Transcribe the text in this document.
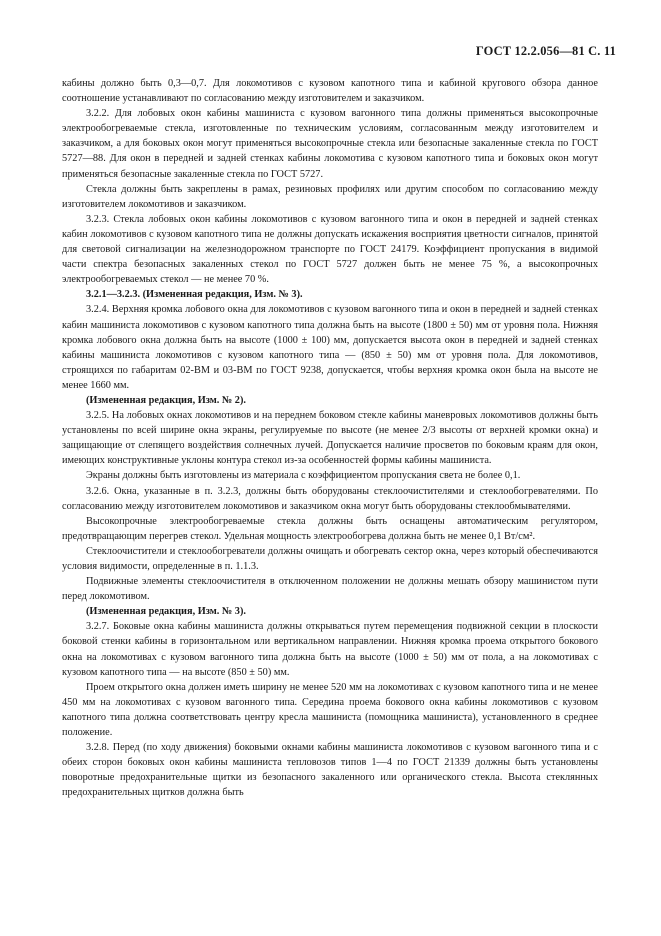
ГОСТ 12.2.056—81 С. 11

кабины должно быть 0,3—0,7. Для локомотивов с кузовом капотного типа и кабиной кругового обзора данное соотношение устанавливают по согласованию между изготовителем и заказчиком.

3.2.2. Для лобовых окон кабины машиниста с кузовом вагонного типа должны применяться высокопрочные электрообогреваемые стекла, изготовленные по техническим условиям, согласованным между изготовителем и заказчиком, а для боковых окон могут применяться высокопрочные стекла или безопасные закаленные стекла по ГОСТ 5727—88. Для окон в передней и задней стенках кабины локомотива с кузовом капотного типа и боковых окон могут применяться безопасные закаленные стекла по ГОСТ 5727.

Стекла должны быть закреплены в рамах, резиновых профилях или другим способом по согласованию между изготовителем локомотивов и заказчиком.

3.2.3. Стекла лобовых окон кабины локомотивов с кузовом вагонного типа и окон в передней и задней стенках кабин локомотивов с кузовом капотного типа не должны допускать искажения восприятия цветности сигналов, принятой для световой сигнализации на железнодорожном транспорте по ГОСТ 24179. Коэффициент пропускания в видимой части спектра безопасных закаленных стекол по ГОСТ 5727 должен быть не менее 75 %, а высокопрочных электрообогреваемых стекол — не менее 70 %.

3.2.1—3.2.3. (Измененная редакция, Изм. № 3).

3.2.4. Верхняя кромка лобового окна для локомотивов с кузовом вагонного типа и окон в передней и задней стенках кабин машиниста локомотивов с кузовом капотного типа должна быть на высоте (1800 ± 50) мм от уровня пола. Нижняя кромка лобового окна должна быть на высоте (1000 ± 100) мм, допускается высота окон в передней и задней стенках кабины машиниста локомотивов с кузовом капотного типа — (850 ± 50) мм от уровня пола. Для локомотивов, строящихся по габаритам 02-ВМ и 03-ВМ по ГОСТ 9238, допускается, чтобы верхняя кромка окон была на высоте не менее 1660 мм.

(Измененная редакция, Изм. № 2).

3.2.5. На лобовых окнах локомотивов и на переднем боковом стекле кабины маневровых локомотивов должны быть установлены по всей ширине окна экраны, регулируемые по высоте (не менее 2/3 высоты от верхней кромки окна) и защищающие от слепящего воздействия солнечных лучей. Допускается наличие просветов по боковым краям для окон, имеющих конструктивные уклоны контура стекол из-за особенностей формы кабины машиниста.

Экраны должны быть изготовлены из материала с коэффициентом пропускания света не более 0,1.

3.2.6. Окна, указанные в п. 3.2.3, должны быть оборудованы стеклоочистителями и стеклообогревателями. По согласованию между изготовителем локомотивов и заказчиком окна могут быть оборудованы стеклообмывателями.

Высокопрочные электрообогреваемые стекла должны быть оснащены автоматическим регулятором, предотвращающим перегрев стекол. Удельная мощность электрообогрева должна быть не менее 0,1 Вт/см².

Стеклоочистители и стеклообогреватели должны очищать и обогревать сектор окна, через который обеспечиваются условия видимости, определенные в п. 1.1.3.

Подвижные элементы стеклоочистителя в отключенном положении не должны мешать обзору машинистом пути перед локомотивом.

(Измененная редакция, Изм. № 3).

3.2.7. Боковые окна кабины машиниста должны открываться путем перемещения подвижной секции в плоскости боковой стенки кабины в горизонтальном или вертикальном направлении. Нижняя кромка проема открытого бокового окна на локомотивах с кузовом вагонного типа должна быть на высоте (1000 ± 50) мм от пола, а на локомотивах с кузовом капотного типа — на высоте (850 ± 50) мм.

Проем открытого окна должен иметь ширину не менее 520 мм на локомотивах с кузовом капотного типа и не менее 450 мм на локомотивах с кузовом вагонного типа. Середина проема бокового окна кабины локомотивов с кузовом капотного типа должна соответствовать центру кресла машиниста (помощника машиниста), установленного в среднее положение.

3.2.8. Перед (по ходу движения) боковыми окнами кабины машиниста локомотивов с кузовом вагонного типа и с обеих сторон боковых окон кабины машиниста тепловозов типов 1—4 по ГОСТ 21339 должны быть установлены поворотные предохранительные щитки из безопасного закаленного или органического стекла. Высота стеклянных предохранительных щитков должна быть
